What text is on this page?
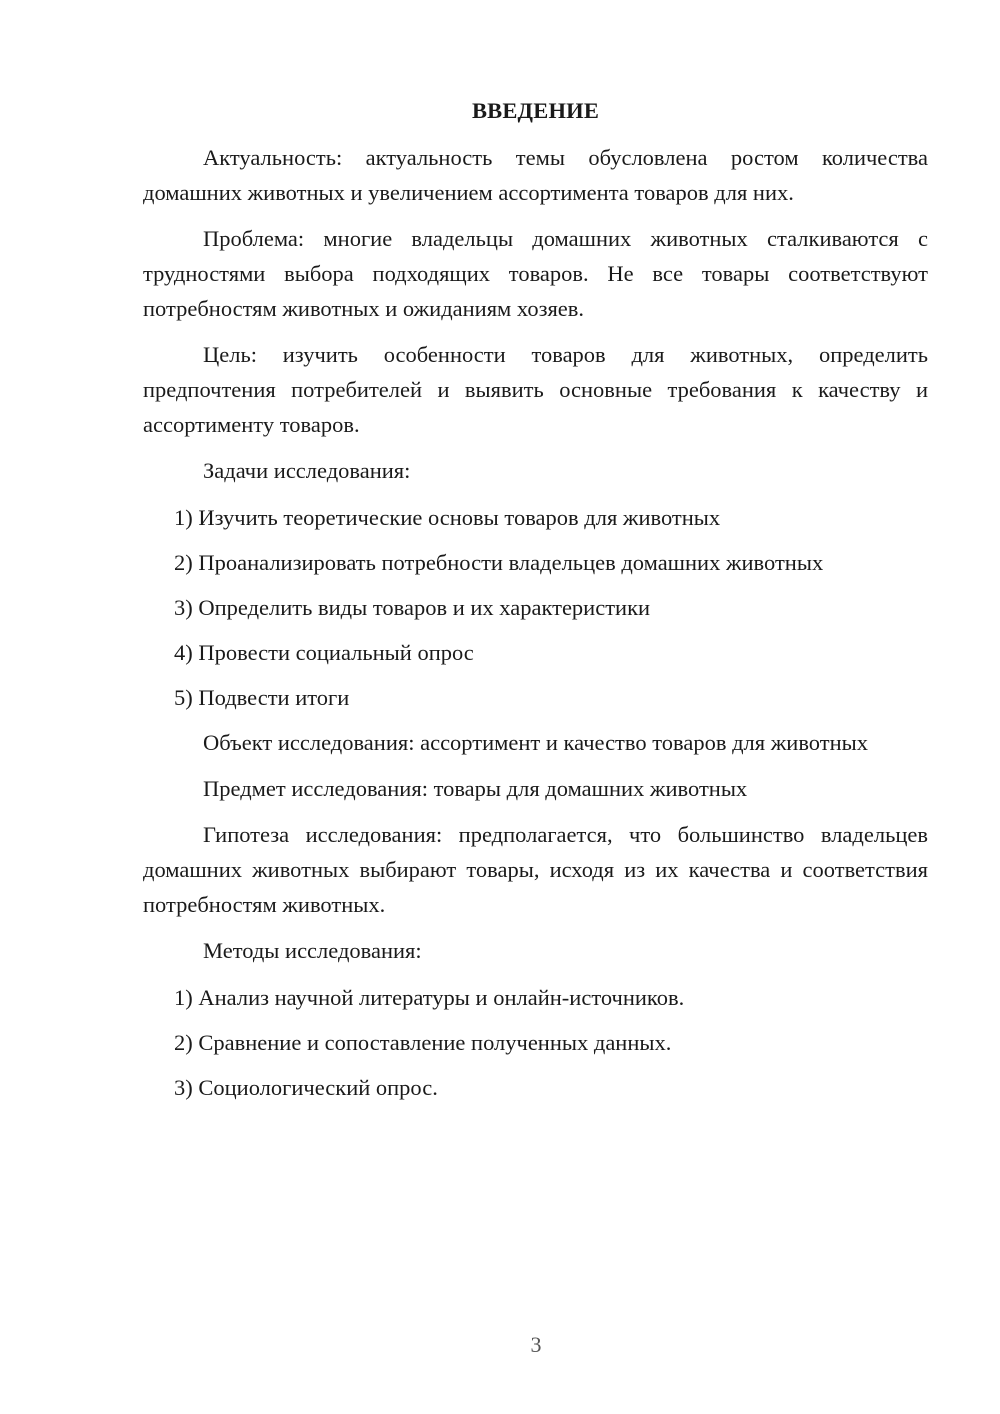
ВВЕДЕНИЕ

Актуальность: актуальность темы обусловлена ростом количества домашних животных и увеличением ассортимента товаров для них.

Проблема: многие владельцы домашних животных сталкиваются с трудностями выбора подходящих товаров. Не все товары соответствуют потребностям животных и ожиданиям хозяев.

Цель: изучить особенности товаров для животных, определить предпочтения потребителей и выявить основные требования к качеству и ассортименту товаров.

Задачи исследования:
1) Изучить теоретические основы товаров для животных
2) Проанализировать потребности владельцев домашних животных
3) Определить виды товаров и их характеристики
4) Провести социальный опрос
5) Подвести итоги

Объект исследования: ассортимент и качество товаров для животных

Предмет исследования: товары для домашних животных

Гипотеза исследования: предполагается, что большинство владельцев домашних животных выбирают товары, исходя из их качества и соответствия потребностям животных.

Методы исследования:
1) Анализ научной литературы и онлайн-источников.
2) Сравнение и сопоставление полученных данных.
3) Социологический опрос.
3
